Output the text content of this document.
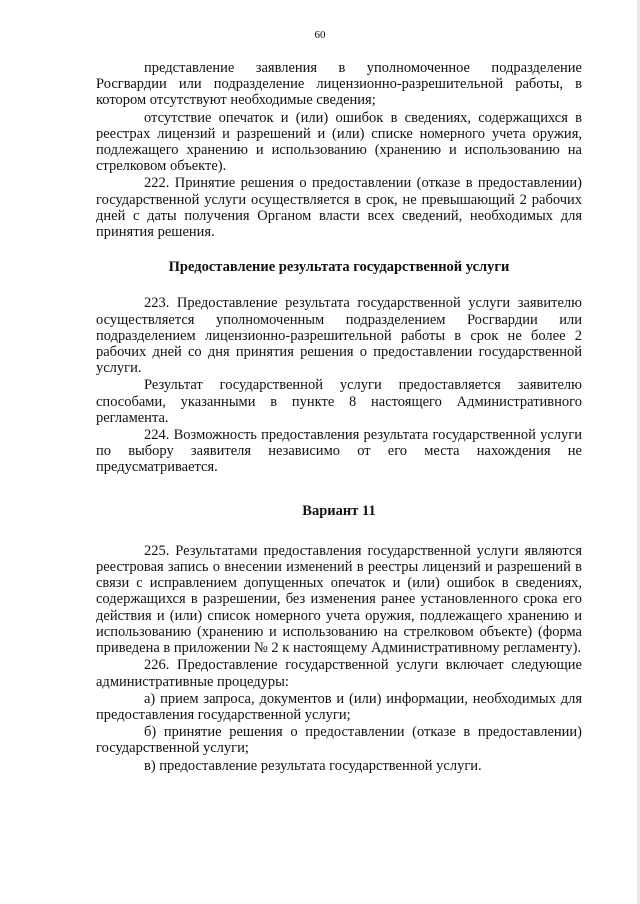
60

представление заявления в уполномоченное подразделение Росгвардии или подразделение лицензионно-разрешительной работы, в котором отсутствуют необходимые сведения;

отсутствие опечаток и (или) ошибок в сведениях, содержащихся в реестрах лицензий и разрешений и (или) списке номерного учета оружия, подлежащего хранению и использованию (хранению и использованию на стрелковом объекте).

222. Принятие решения о предоставлении (отказе в предоставлении) государственной услуги осуществляется в срок, не превышающий 2 рабочих дней с даты получения Органом власти всех сведений, необходимых для принятия решения.

Предоставление результата государственной услуги

223. Предоставление результата государственной услуги заявителю осуществляется уполномоченным подразделением Росгвардии или подразделением лицензионно-разрешительной работы в срок не более 2 рабочих дней со дня принятия решения о предоставлении государственной услуги.

Результат государственной услуги предоставляется заявителю способами, указанными в пункте 8 настоящего Административного регламента.

224. Возможность предоставления результата государственной услуги по выбору заявителя независимо от его места нахождения не предусматривается.

Вариант 11

225. Результатами предоставления государственной услуги являются реестровая запись о внесении изменений в реестры лицензий и разрешений в связи с исправлением допущенных опечаток и (или) ошибок в сведениях, содержащихся в разрешении, без изменения ранее установленного срока его действия и (или) список номерного учета оружия, подлежащего хранению и использованию (хранению и использованию на стрелковом объекте) (форма приведена в приложении № 2 к настоящему Административному регламенту).

226. Предоставление государственной услуги включает следующие административные процедуры:

а) прием запроса, документов и (или) информации, необходимых для предоставления государственной услуги;

б) принятие решения о предоставлении (отказе в предоставлении) государственной услуги;

в) предоставление результата государственной услуги.
